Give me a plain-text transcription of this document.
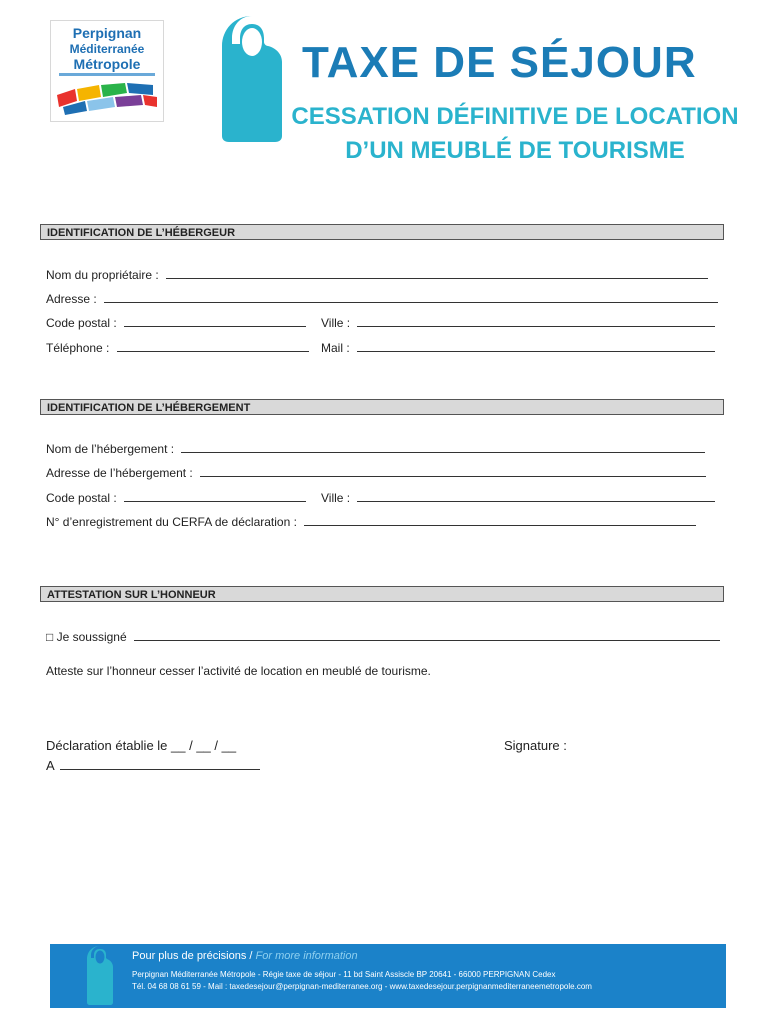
Perpignan
Méditerranée
Métropole	TAXE DE SÉJOUR
CESSATION DÉFINITIVE DE LOCATION
D’UN MEUBLÉ DE TOURISME
IDENTIFICATION DE L’HÉBERGEUR
Nom du propriétaire :
Adresse :
Code postal :	Ville :
Téléphone :	Mail :
IDENTIFICATION DE L’HÉBERGEMENT
Nom de l’hébergement :
Adresse de l’hébergement :
Code postal :	Ville :
N° d’enregistrement du CERFA de déclaration :
ATTESTATION SUR L’HONNEUR
□ Je soussigné
Atteste sur l’honneur cesser l’activité de location en meublé de tourisme.
Déclaration établie le __ / __ / __
A
Signature :
Pour plus de précisions / For more information
Perpignan Méditerranée Métropole - Régie taxe de séjour - 11 bd Saint Assiscle BP 20641 - 66000 PERPIGNAN Cedex
Tél. 04 68 08 61 59 - Mail : taxedesejour@perpignan-mediterranee.org - www.taxedesejour.perpignanmediterraneemetropole.com
